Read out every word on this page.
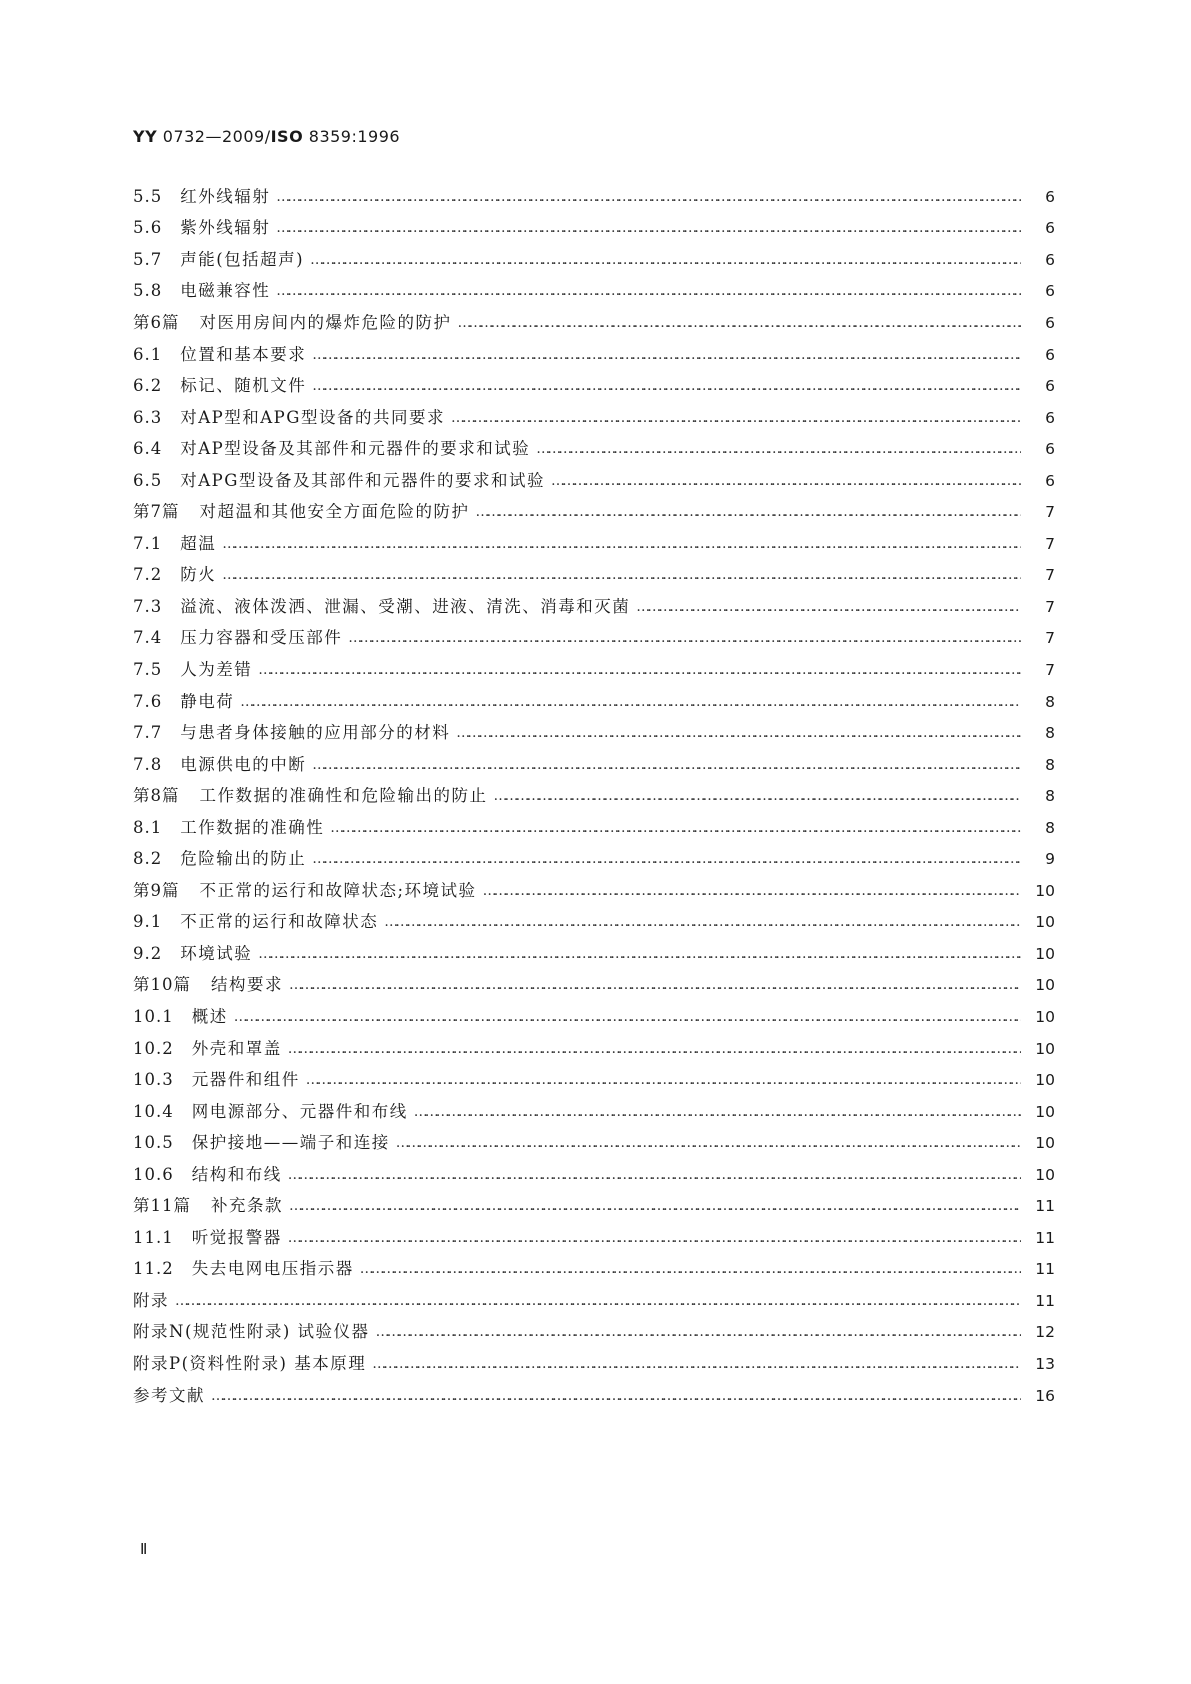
YY 0732—2009/ISO 8359:1996
5.5	红外线辐射 ……………………………………………………………………………………………………………………………………………………………………………………………………………………………………………………	6
5.6	紫外线辐射 ……………………………………………………………………………………………………………………………………………………………………………………………………………………………………………………	6
5.7	声能(包括超声) ……………………………………………………………………………………………………………………………………………………………………………………………………………………………………………………	6
5.8	电磁兼容性 ……………………………………………………………………………………………………………………………………………………………………………………………………………………………………………………	6
第6篇	对医用房间内的爆炸危险的防护 ……………………………………………………………………………………………………………………………………………………………………………………………………………………………………………………	6
6.1	位置和基本要求 ……………………………………………………………………………………………………………………………………………………………………………………………………………………………………………………	6
6.2	标记、随机文件 ……………………………………………………………………………………………………………………………………………………………………………………………………………………………………………………	6
6.3	对AP型和APG型设备的共同要求 ……………………………………………………………………………………………………………………………………………………………………………………………………………………………………………………	6
6.4	对AP型设备及其部件和元器件的要求和试验 ……………………………………………………………………………………………………………………………………………………………………………………………………………………………………………………	6
6.5	对APG型设备及其部件和元器件的要求和试验 ……………………………………………………………………………………………………………………………………………………………………………………………………………………………………………………	6
第7篇	对超温和其他安全方面危险的防护 ……………………………………………………………………………………………………………………………………………………………………………………………………………………………………………………	7
7.1	超温 ……………………………………………………………………………………………………………………………………………………………………………………………………………………………………………………	7
7.2	防火 ……………………………………………………………………………………………………………………………………………………………………………………………………………………………………………………	7
7.3	溢流、液体泼洒、泄漏、受潮、进液、清洗、消毒和灭菌 ……………………………………………………………………………………………………………………………………………………………………………………………………………………………………………………	7
7.4	压力容器和受压部件 ……………………………………………………………………………………………………………………………………………………………………………………………………………………………………………………	7
7.5	人为差错 ……………………………………………………………………………………………………………………………………………………………………………………………………………………………………………………	7
7.6	静电荷 ……………………………………………………………………………………………………………………………………………………………………………………………………………………………………………………	8
7.7	与患者身体接触的应用部分的材料 ……………………………………………………………………………………………………………………………………………………………………………………………………………………………………………………	8
7.8	电源供电的中断 ……………………………………………………………………………………………………………………………………………………………………………………………………………………………………………………	8
第8篇	工作数据的准确性和危险输出的防止 ……………………………………………………………………………………………………………………………………………………………………………………………………………………………………………………	8
8.1	工作数据的准确性 ……………………………………………………………………………………………………………………………………………………………………………………………………………………………………………………	8
8.2	危险输出的防止 ……………………………………………………………………………………………………………………………………………………………………………………………………………………………………………………	9
第9篇	不正常的运行和故障状态;环境试验 ……………………………………………………………………………………………………………………………………………………………………………………………………………………………………………………	10
9.1	不正常的运行和故障状态 ……………………………………………………………………………………………………………………………………………………………………………………………………………………………………………………	10
9.2	环境试验 ……………………………………………………………………………………………………………………………………………………………………………………………………………………………………………………	10
第10篇	结构要求 ……………………………………………………………………………………………………………………………………………………………………………………………………………………………………………………	10
10.1	概述 ……………………………………………………………………………………………………………………………………………………………………………………………………………………………………………………	10
10.2	外壳和罩盖 ……………………………………………………………………………………………………………………………………………………………………………………………………………………………………………………	10
10.3	元器件和组件 ……………………………………………………………………………………………………………………………………………………………………………………………………………………………………………………	10
10.4	网电源部分、元器件和布线 ……………………………………………………………………………………………………………………………………………………………………………………………………………………………………………………	10
10.5	保护接地——端子和连接 ……………………………………………………………………………………………………………………………………………………………………………………………………………………………………………………	10
10.6	结构和布线 ……………………………………………………………………………………………………………………………………………………………………………………………………………………………………………………	10
第11篇	补充条款 ……………………………………………………………………………………………………………………………………………………………………………………………………………………………………………………	11
11.1	听觉报警器 ……………………………………………………………………………………………………………………………………………………………………………………………………………………………………………………	11
11.2	失去电网电压指示器 ……………………………………………………………………………………………………………………………………………………………………………………………………………………………………………………	11
附录 ……………………………………………………………………………………………………………………………………………………………………………………………………………………………………………………	11
附录N(规范性附录) 试验仪器 ……………………………………………………………………………………………………………………………………………………………………………………………………………………………………………………	12
附录P(资料性附录) 基本原理 ……………………………………………………………………………………………………………………………………………………………………………………………………………………………………………………	13
参考文献 ……………………………………………………………………………………………………………………………………………………………………………………………………………………………………………………	16
Ⅱ
